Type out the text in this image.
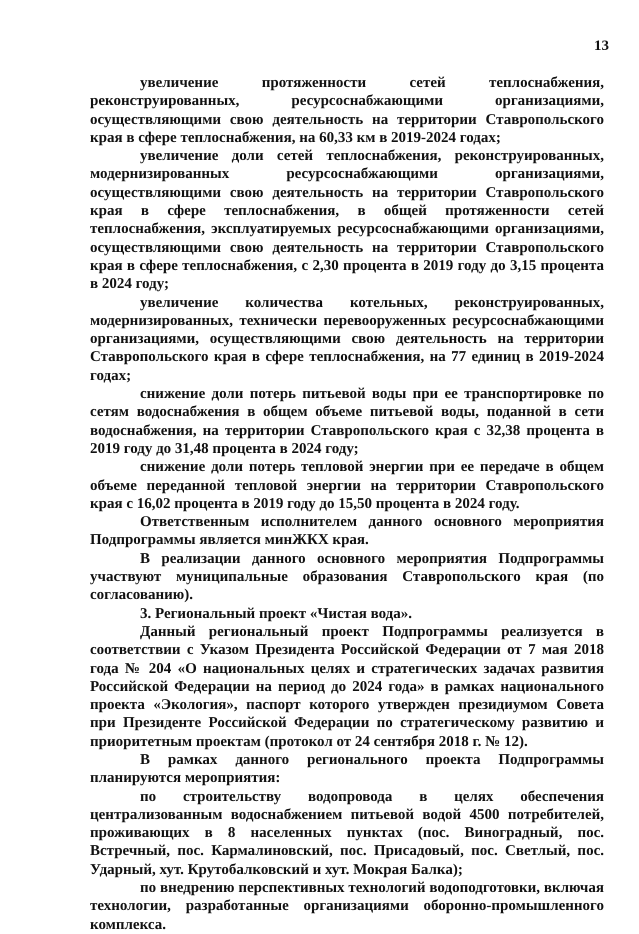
13

увеличение протяженности сетей теплоснабжения, реконструированных, ресурсоснабжающими организациями, осуществляющими свою деятельность на территории Ставропольского края в сфере теплоснабжения, на 60,33 км в 2019-2024 годах;

увеличение доли сетей теплоснабжения, реконструированных, модернизированных ресурсоснабжающими организациями, осуществляющими свою деятельность на территории Ставропольского края в сфере теплоснабжения, в общей протяженности сетей теплоснабжения, эксплуатируемых ресурсоснабжающими организациями, осуществляющими свою деятельность на территории Ставропольского края в сфере теплоснабжения, с 2,30 процента в 2019 году до 3,15 процента в 2024 году;

увеличение количества котельных, реконструированных, модернизированных, технически перевооруженных ресурсоснабжающими организациями, осуществляющими свою деятельность на территории Ставропольского края в сфере теплоснабжения, на 77 единиц в 2019-2024 годах;

снижение доли потерь питьевой воды при ее транспортировке по сетям водоснабжения в общем объеме питьевой воды, поданной в сети водоснабжения, на территории Ставропольского края с 32,38 процента в 2019 году до 31,48 процента в 2024 году;

снижение доли потерь тепловой энергии при ее передаче в общем объеме переданной тепловой энергии на территории Ставропольского края с 16,02 процента в 2019 году до 15,50 процента в 2024 году.

Ответственным исполнителем данного основного мероприятия Подпрограммы является минЖКХ края.

В реализации данного основного мероприятия Подпрограммы участвуют муниципальные образования Ставропольского края (по согласованию).

3. Региональный проект «Чистая вода».

Данный региональный проект Подпрограммы реализуется в соответствии с Указом Президента Российской Федерации от 7 мая 2018 года № 204 «О национальных целях и стратегических задачах развития Российской Федерации на период до 2024 года» в рамках национального проекта «Экология», паспорт которого утвержден президиумом Совета при Президенте Российской Федерации по стратегическому развитию и приоритетным проектам (протокол от 24 сентября 2018 г. № 12).

В рамках данного регионального проекта Подпрограммы планируются мероприятия:

по строительству водопровода в целях обеспечения централизованным водоснабжением питьевой водой 4500 потребителей, проживающих в 8 населенных пунктах (пос. Виноградный, пос. Встречный, пос. Кармалиновский, пос. Присадовый, пос. Светлый, пос. Ударный, хут. Крутобалковский и хут. Мокрая Балка);

по внедрению перспективных технологий водоподготовки, включая технологии, разработанные организациями оборонно-промышленного комплекса.
